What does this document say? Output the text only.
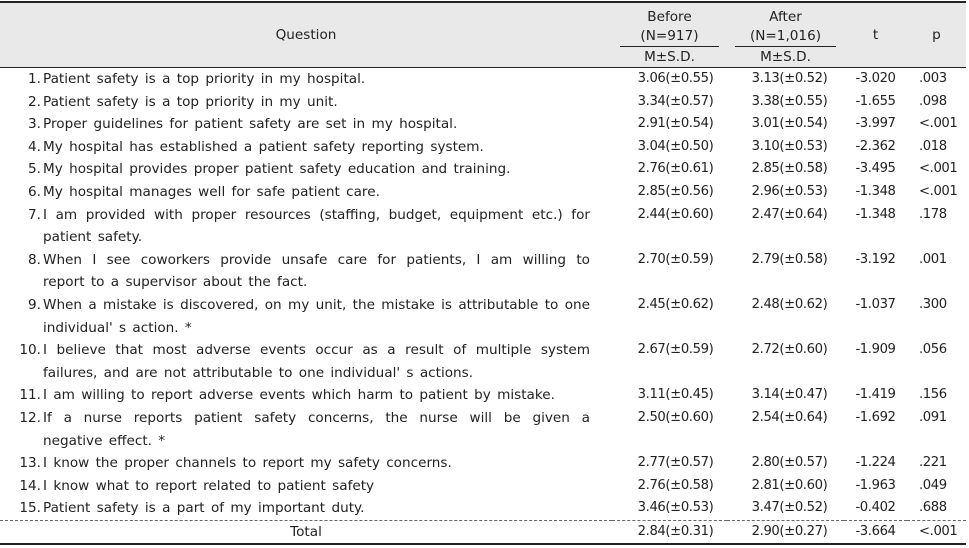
Question	Before	After	t	p
	(N=917)	(N=1,016)		
	M±S.D.	M±S.D.		

1. Patient safety is a top priority in my hospital.	3.06(±0.55)	3.13(±0.52)	-3.020	.003

2. Patient safety is a top priority in my unit.	3.34(±0.57)	3.38(±0.55)	-1.655	.098

3. Proper guidelines for patient safety are set in my hospital.	2.91(±0.54)	3.01(±0.54)	-3.997	<.001

4. My hospital has established a patient safety reporting system.	3.04(±0.50)	3.10(±0.53)	-2.362	.018

5. My hospital provides proper patient safety education and training.	2.76(±0.61)	2.85(±0.58)	-3.495	<.001

6. My hospital manages well for safe patient care.	2.85(±0.56)	2.96(±0.53)	-1.348	<.001

7. I am provided with proper resources (staffing, budget, equipment etc.) for patient safety.	2.44(±0.60)	2.47(±0.64)	-1.348	.178

8. When I see coworkers provide unsafe care for patients, I am willing to report to a supervisor about the fact.	2.70(±0.59)	2.79(±0.58)	-3.192	.001

9. When a mistake is discovered, on my unit, the mistake is attributable to one individual' s action. *	2.45(±0.62)	2.48(±0.62)	-1.037	.300

10. I believe that most adverse events occur as a result of multiple system failures, and are not attributable to one individual' s actions.	2.67(±0.59)	2.72(±0.60)	-1.909	.056

11. I am willing to report adverse events which harm to patient by mistake.	3.11(±0.45)	3.14(±0.47)	-1.419	.156

12. If a nurse reports patient safety concerns, the nurse will be given a negative effect. *	2.50(±0.60)	2.54(±0.64)	-1.692	.091

13. I know the proper channels to report my safety concerns.	2.77(±0.57)	2.80(±0.57)	-1.224	.221

14. I know what to report related to patient safety	2.76(±0.58)	2.81(±0.60)	-1.963	.049

15. Patient safety is a part of my important duty.	3.46(±0.53)	3.47(±0.52)	-0.402	.688
Total	2.84(±0.31)	2.90(±0.27)	-3.664	<.001
